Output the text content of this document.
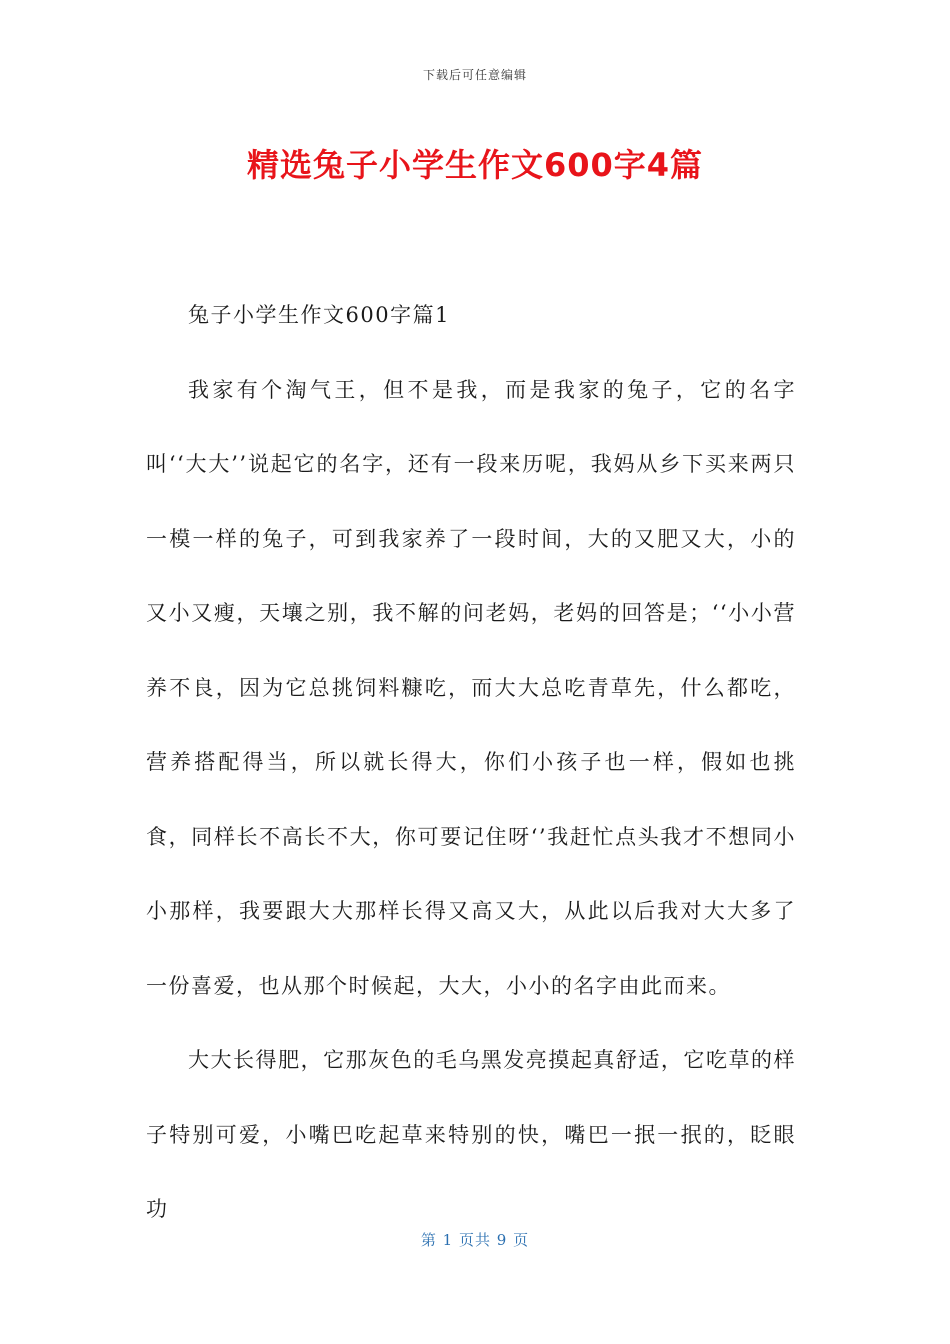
下载后可任意编辑
精选兔子小学生作文600字4篇

兔子小学生作文600字篇1

我家有个淘气王，但不是我，而是我家的兔子，它的名字叫‘‘大大’’说起它的名字，还有一段来历呢，我妈从乡下买来两只一模一样的兔子，可到我家养了一段时间，大的又肥又大，小的又小又瘦，天壤之别，我不解的问老妈，老妈的回答是；‘‘小小营养不良，因为它总挑饲料糠吃，而大大总吃青草先，什么都吃，营养搭配得当，所以就长得大，你们小孩子也一样，假如也挑食，同样长不高长不大，你可要记住呀‘’我赶忙点头我才不想同小小那样，我要跟大大那样长得又高又大，从此以后我对大大多了一份喜爱，也从那个时候起，大大，小小的名字由此而来。

大大长得肥，它那灰色的毛乌黑发亮摸起真舒适，它吃草的样子特别可爱，小嘴巴吃起草来特别的快，嘴巴一抿一抿的，眨眼功

第 1 页共 9 页
